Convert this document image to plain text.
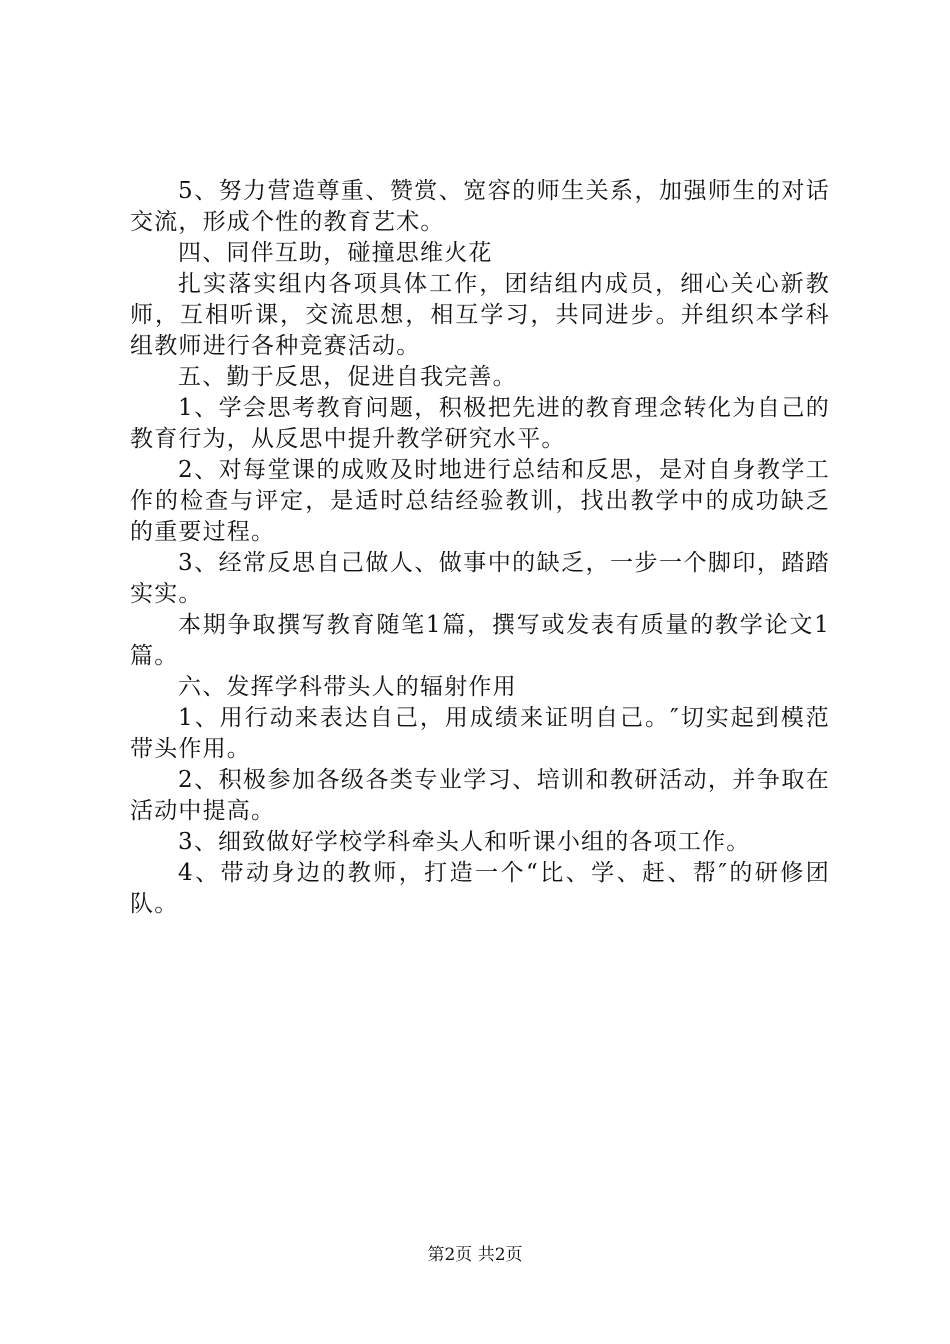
5、努力营造尊重、赞赏、宽容的师生关系，加强师生的对话交流，形成个性的教育艺术。

四、同伴互助，碰撞思维火花

扎实落实组内各项具体工作，团结组内成员，细心关心新教师，互相听课，交流思想，相互学习，共同进步。并组织本学科组教师进行各种竞赛活动。

五、勤于反思，促进自我完善。

1、学会思考教育问题，积极把先进的教育理念转化为自己的教育行为，从反思中提升教学研究水平。

2、对每堂课的成败及时地进行总结和反思，是对自身教学工作的检查与评定，是适时总结经验教训，找出教学中的成功缺乏的重要过程。

3、经常反思自己做人、做事中的缺乏，一步一个脚印，踏踏实实。

本期争取撰写教育随笔1篇，撰写或发表有质量的教学论文1篇。

六、发挥学科带头人的辐射作用

1、用行动来表达自己，用成绩来证明自己。″切实起到模范带头作用。

2、积极参加各级各类专业学习、培训和教研活动，并争取在活动中提高。

3、细致做好学校学科牵头人和听课小组的各项工作。

4、带动身边的教师，打造一个“比、学、赶、帮″的研修团队。

第2页 共2页
